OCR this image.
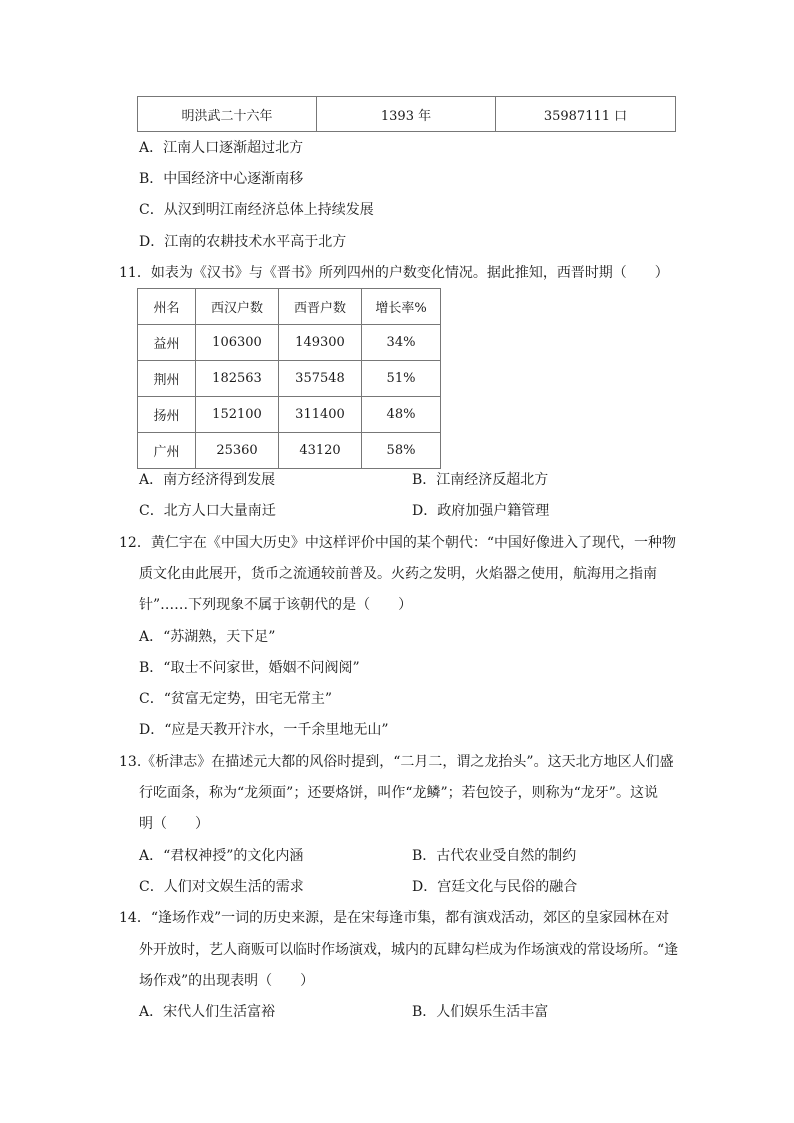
明洪武二十六年	1393 年	35987111 口
A．江南人口逐渐超过北方
B．中国经济中心逐渐南移
C．从汉到明江南经济总体上持续发展
D．江南的农耕技术水平高于北方
11．如表为《汉书》与《晋书》所列四州的户数变化情况。据此推知，西晋时期（　　）
州名	西汉户数	西晋户数	增长率%
益州	106300	149300	34%
荆州	182563	357548	51%
扬州	152100	311400	48%
广州	25360	43120	58%
A．南方经济得到发展	B．江南经济反超北方
C．北方人口大量南迁	D．政府加强户籍管理
12．黄仁宇在《中国大历史》中这样评价中国的某个朝代：“中国好像进入了现代，一种物
质文化由此展开，货币之流通较前普及。火药之发明，火焰器之使用，航海用之指南
针”……下列现象不属于该朝代的是（　　）
A．“苏湖熟，天下足”
B．“取士不问家世，婚姻不问阀阅”
C．“贫富无定势，田宅无常主”
D．“应是天教开汴水，一千余里地无山”
13.《析津志》在描述元大都的风俗时提到，“二月二，谓之龙抬头”。这天北方地区人们盛
行吃面条，称为“龙须面”；还要烙饼，叫作“龙鳞”；若包饺子，则称为“龙牙”。这说
明（　　）
A．“君权神授”的文化内涵	B．古代农业受自然的制约
C．人们对文娱生活的需求	D．宫廷文化与民俗的融合
14．“逢场作戏”一词的历史来源，是在宋每逢市集，都有演戏活动，郊区的皇家园林在对
外开放时，艺人商贩可以临时作场演戏，城内的瓦肆勾栏成为作场演戏的常设场所。“逢
场作戏”的出现表明（　　）
A．宋代人们生活富裕	B．人们娱乐生活丰富
